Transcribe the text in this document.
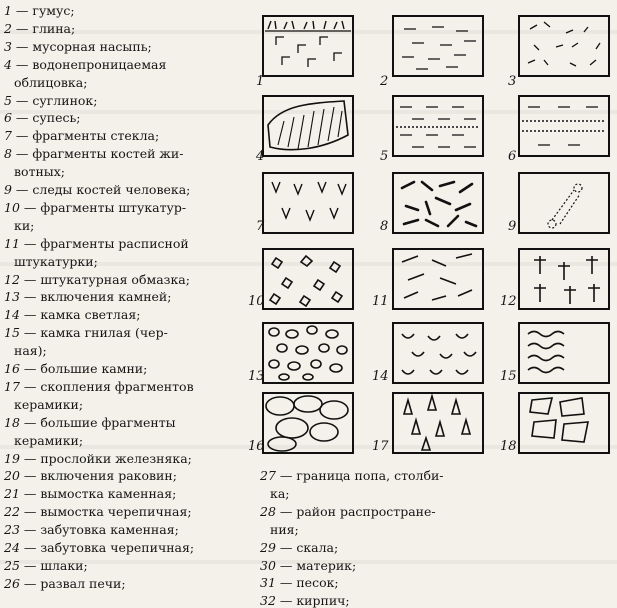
1 — гумус;
2 — глина;
3 — мусорная насыпь;
4 — водонепроницаемая
облицовка;
5 — суглинок;
6 — супесь;
7 — фрагменты стекла;
8 — фрагменты костей жи-
вотных;
9 — следы костей человека;
10 — фрагменты штукатур-
ки;
11 — фрагменты расписной
штукатурки;
12 — штукатурная обмазка;
13 — включения камней;
14 — камка светлая;
15 — камка гнилая (чер-
ная);
16 — большие камни;
17 — скопления фрагментов
керамики;
18 — большие фрагменты
керамики;
19 — прослойки железняка;
20 — включения раковин;
21 — вымостка каменная;
22 — вымостка черепичная;
23 — забутовка каменная;
24 — забутовка черепичная;
25 — шлаки;
26 — развал печи;
27 — граница попа, столби-
ка;
28 — район распростране-
ния;
29 — скала;
30 — материк;
31 — песок;
32 — кирпич;
1	2	3
4	5	6
7	8	9
10	11	12
13	14	15
16	17	18
